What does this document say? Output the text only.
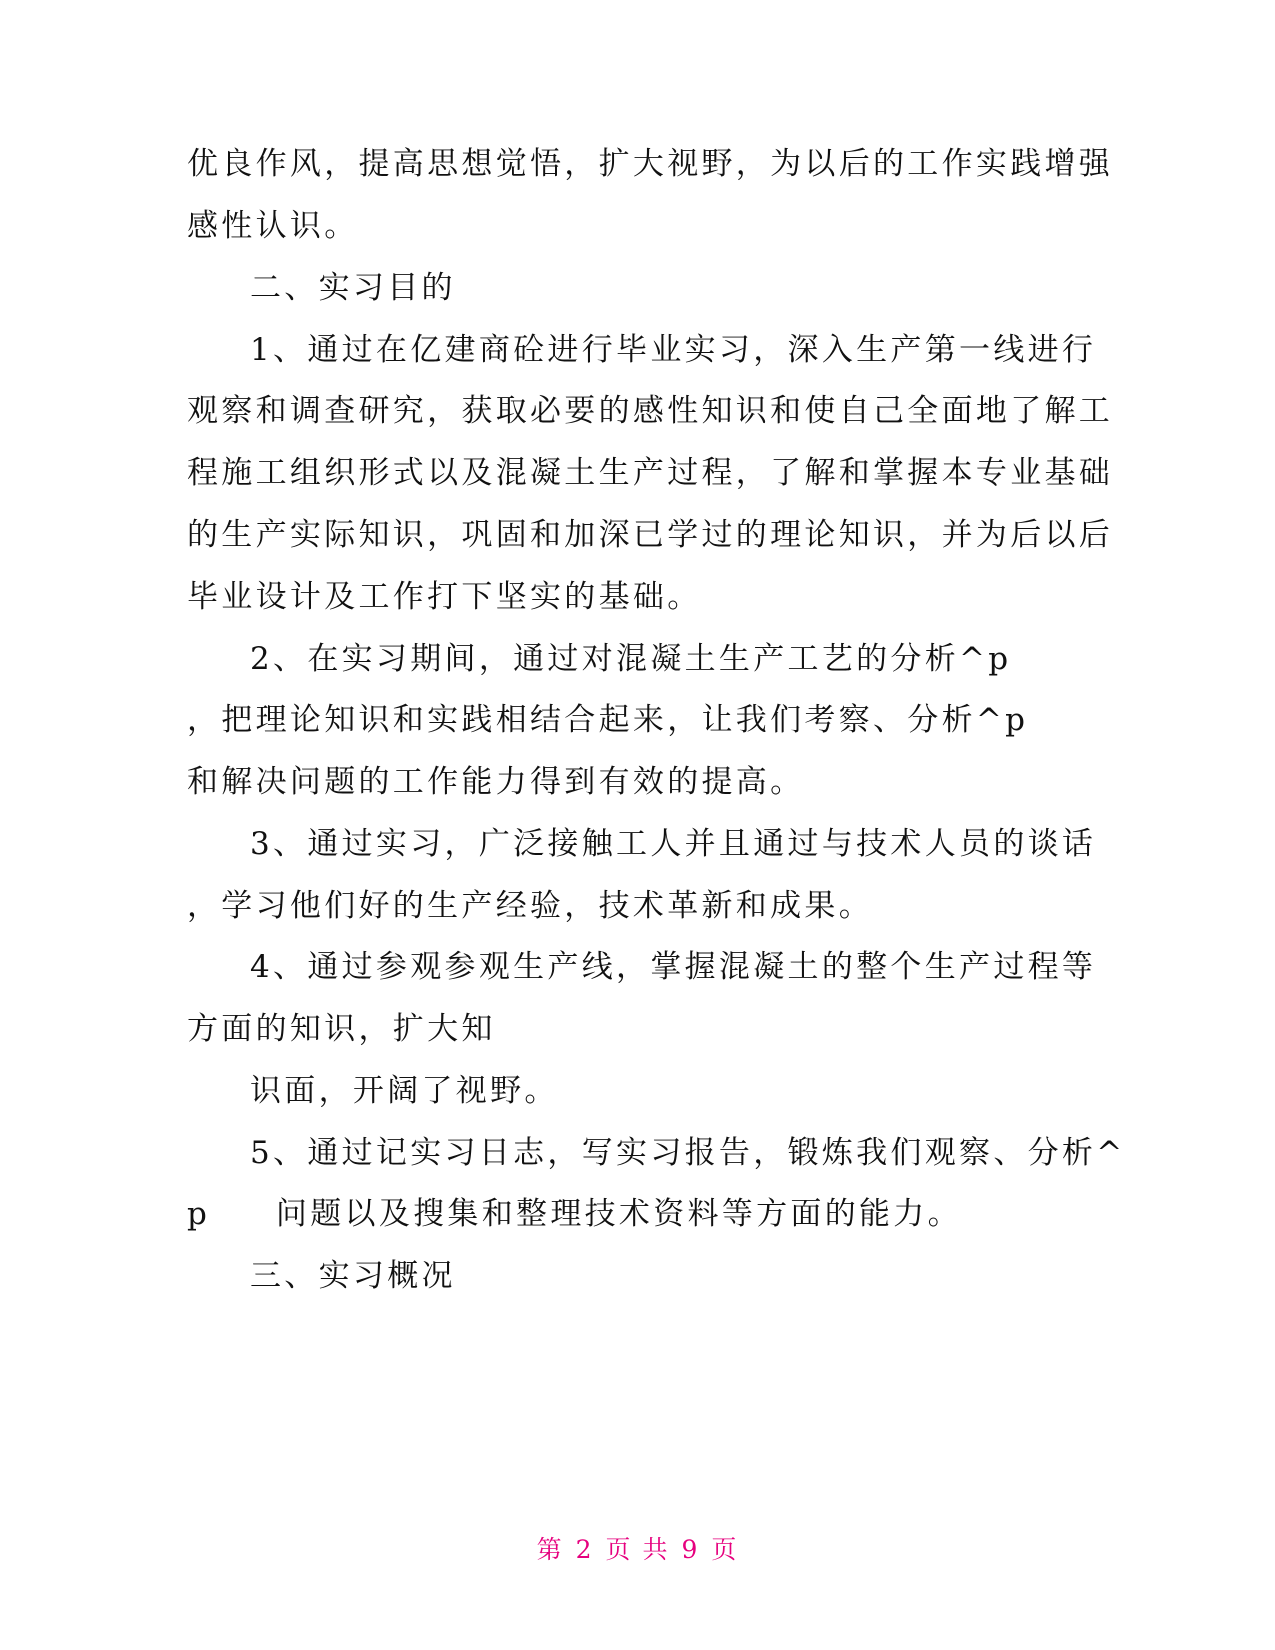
优良作风，提高思想觉悟，扩大视野，为以后的工作实践增强

感性认识。

二、实习目的

1、通过在亿建商砼进行毕业实习，深入生产第一线进行

观察和调查研究，获取必要的感性知识和使自己全面地了解工

程施工组织形式以及混凝土生产过程，了解和掌握本专业基础

的生产实际知识，巩固和加深已学过的理论知识，并为后以后

毕业设计及工作打下坚实的基础。

2、在实习期间，通过对混凝土生产工艺的分析^p

，把理论知识和实践相结合起来，让我们考察、分析^p

和解决问题的工作能力得到有效的提高。

3、通过实习，广泛接触工人并且通过与技术人员的谈话

，学习他们好的生产经验，技术革新和成果。

4、通过参观参观生产线，掌握混凝土的整个生产过程等

方面的知识，扩大知

识面，开阔了视野。

5、通过记实习日志，写实习报告，锻炼我们观察、分析^

p     问题以及搜集和整理技术资料等方面的能力。

三、实习概况

第 2 页 共 9 页
